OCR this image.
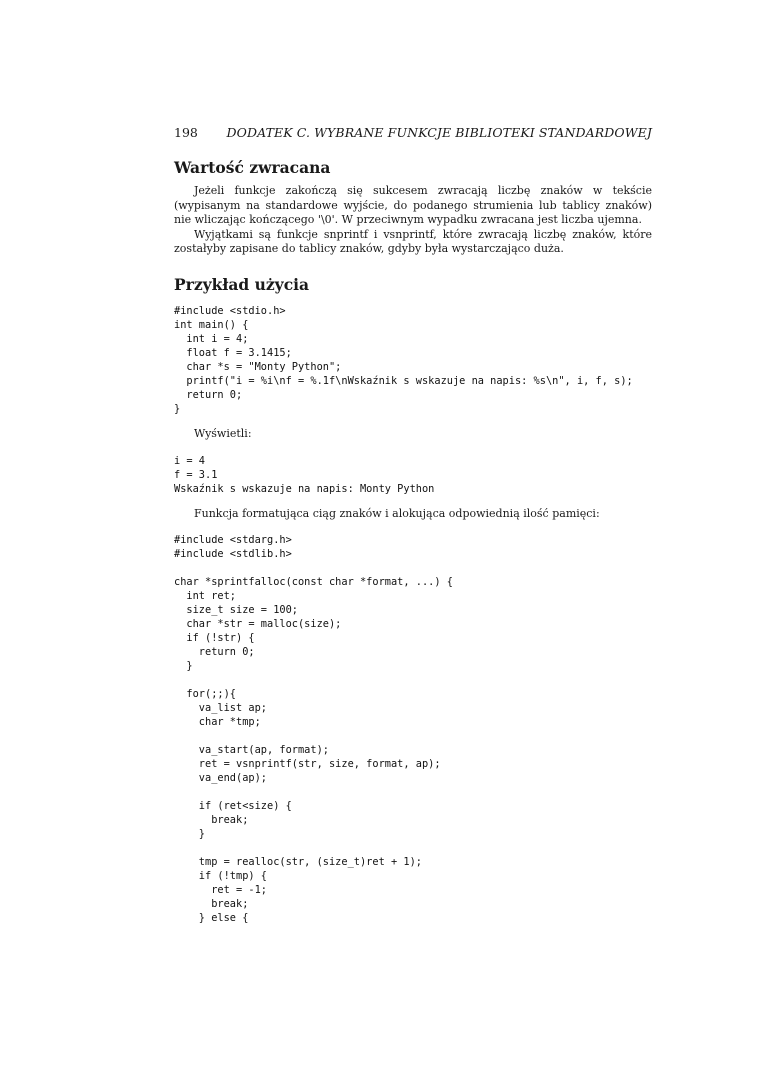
198 DODATEK C. WYBRANE FUNKCJE BIBLIOTEKI STANDARDOWEJ
Wartość zwracana

Jeżeli funkcje zakończą się sukcesem zwracają liczbę znaków w tekście (wypisanym na standardowe wyjście, do podanego strumienia lub tablicy znaków) nie wliczając kończącego '\0'. W przeciwnym wypadku zwracana jest liczba ujemna.

Wyjątkami są funkcje snprintf i vsnprintf, które zwracają liczbę znaków, które zostałyby zapisane do tablicy znaków, gdyby była wystarczająco duża.

Przykład użycia
#include <stdio.h>
int main() {
int i = 4;
float f = 3.1415;
char *s = "Monty Python";
printf("i = %i\nf = %.1f\nWskaźnik s wskazuje na napis: %s\n", i, f, s);
return 0;
}

Wyświetli:

i = 4
f = 3.1
Wskaźnik s wskazuje na napis: Monty Python

Funkcja formatująca ciąg znaków i alokująca odpowiednią ilość pamięci:

#include <stdarg.h>
#include <stdlib.h>

char *sprintfalloc(const char *format, ...) {
int ret;
size_t size = 100;
char *str = malloc(size);
if (!str) {
return 0;
}

for(;;){
va_list ap;
char *tmp;

va_start(ap, format);
ret = vsnprintf(str, size, format, ap);
va_end(ap);

if (ret<size) {
break;
}

tmp = realloc(str, (size_t)ret + 1);
if (!tmp) {
ret = -1;
break;
} else {
